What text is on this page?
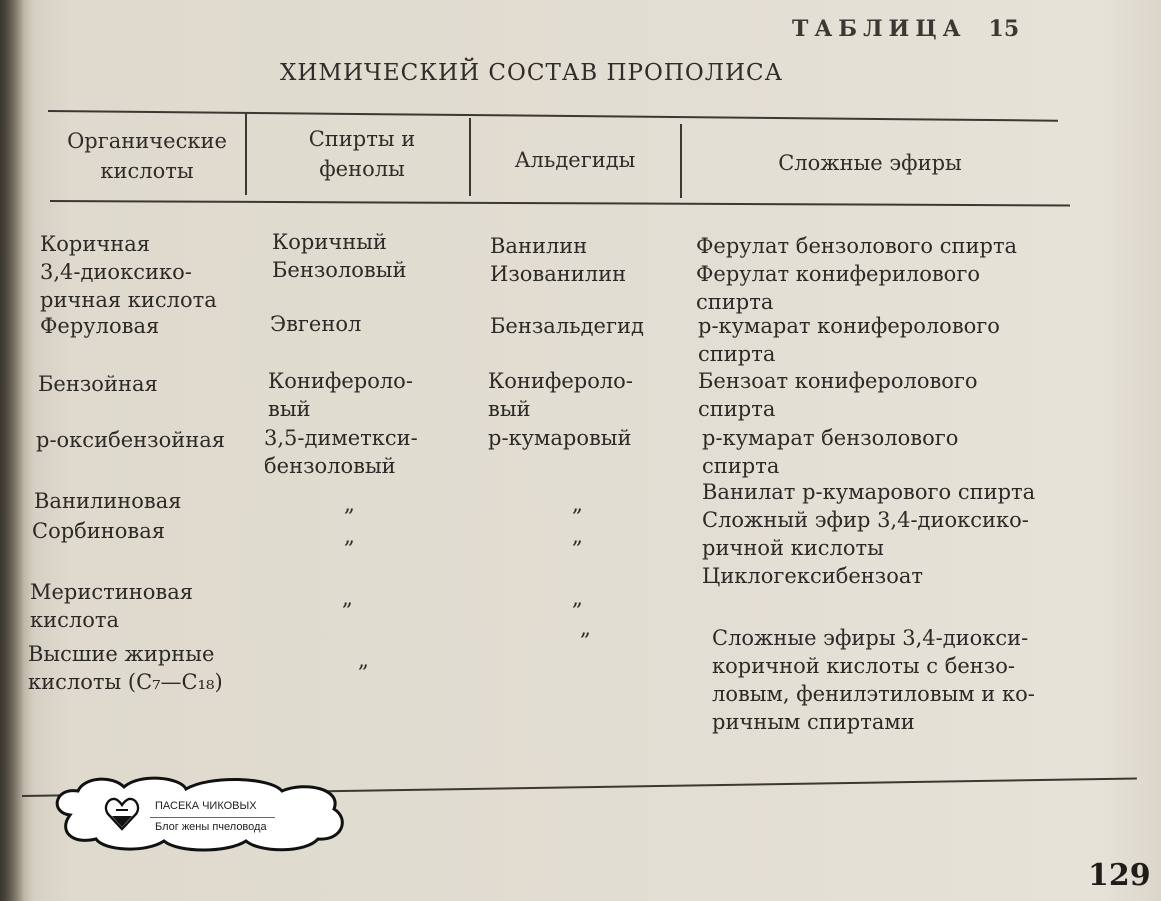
ТАБЛИЦА 15
ХИМИЧЕСКИЙ СОСТАВ ПРОПОЛИСА
Органические
кислоты
Спирты и
фенолы	Альдегиды	Сложные эфиры
Коричная
3,4-диоксико-
ричная кислота
Феруловая
Бензойная
р-оксибензойная
Ванилиновая
Сорбиновая
Меристиновая
кислота
Высшие жирные
кислоты (C₇—C₁₈)
Коричный
Бензоловый
Эвгенол
Конифероло-
вый
3,5-диметкси-
бензоловый
„
„
„
„
Ванилин
Изованилин
Бензальдегид
Конифероло-
вый
р-кумаровый
„
„
„
„
Ферулат бензолового спирта
Ферулат конифериловогo
спирта
р-кумарат конифероловогo
спирта
Бензоат конифероловогo
спирта
р-кумарат бензолового
спирта
Ванилат р-кумарового спирта
Сложный эфир 3,4-диоксико-
ричной кислоты
Циклогексибензоат
Сложные эфиры 3,4-диокси-
коричной кислоты с бензо-
ловым, фенилэтиловым и ко-
ричным спиртами
ПАСЕКА ЧИКОВЫХ
Блог жены пчеловода
129
